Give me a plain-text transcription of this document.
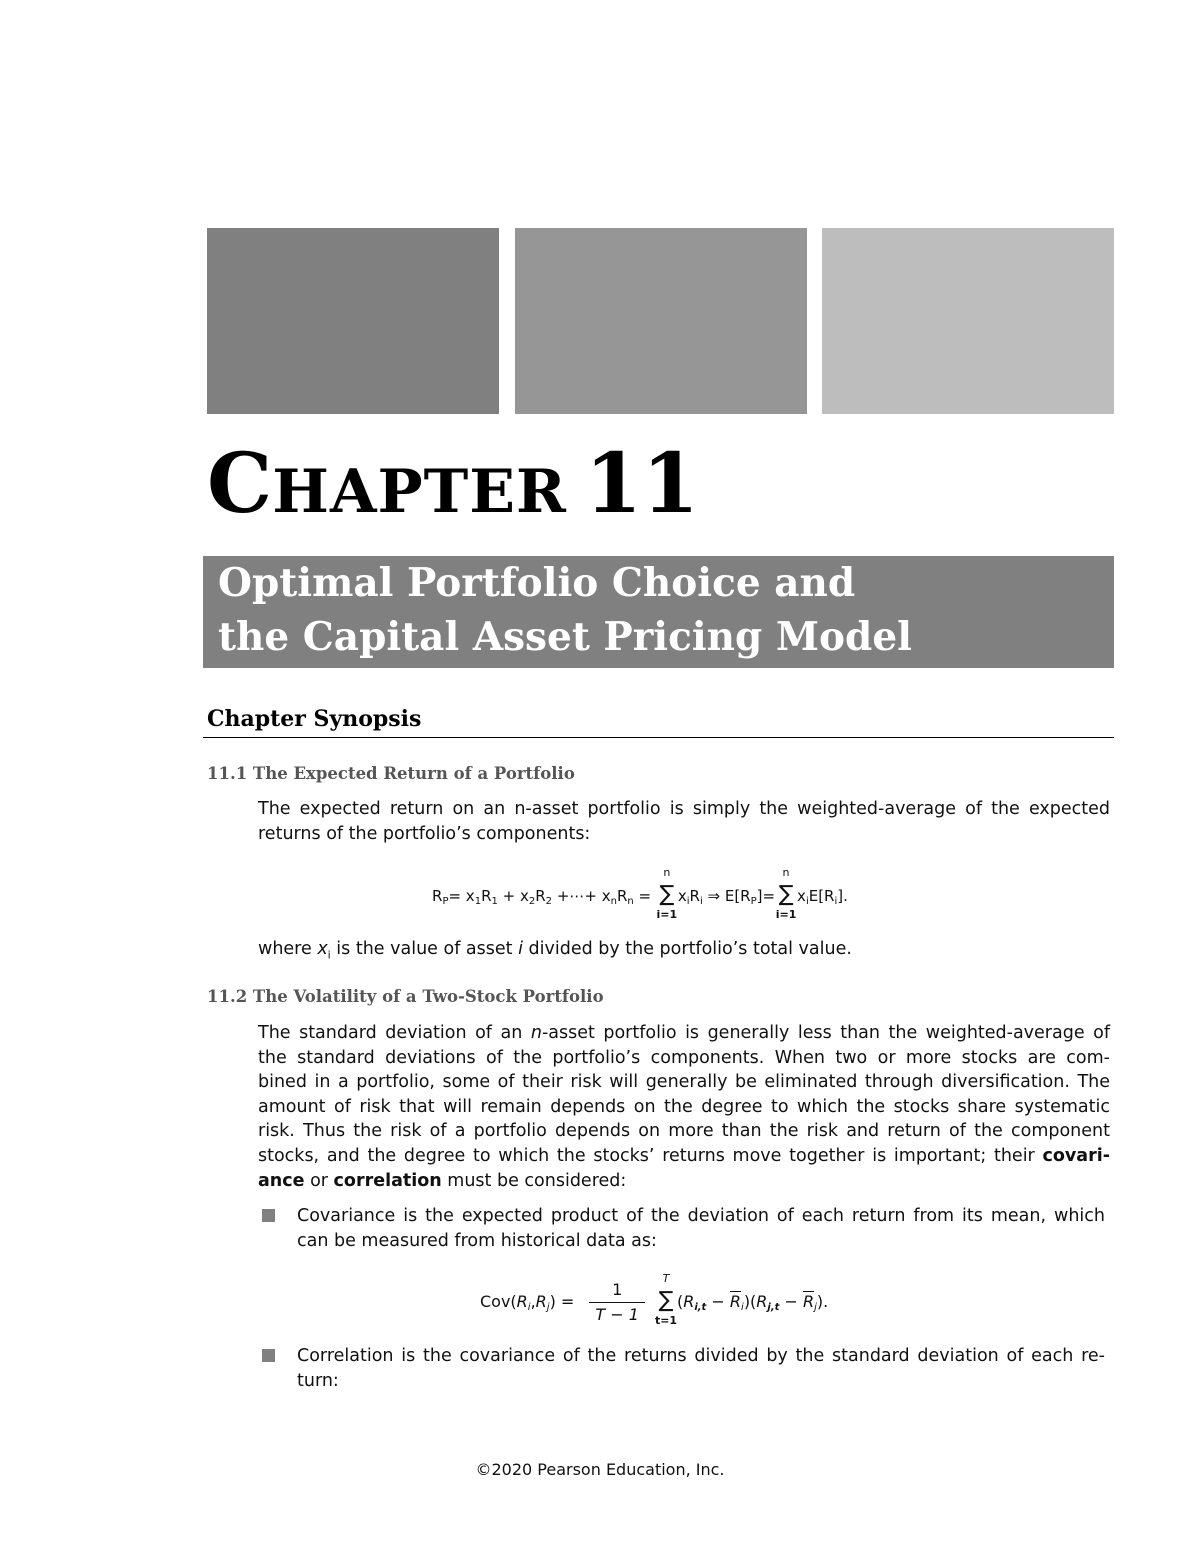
CHAPTER 11
Optimal Portfolio Choice and
the Capital Asset Pricing Model
Chapter Synopsis
11.1 The Expected Return of a Portfolio
The expected return on an n-asset portfolio is simply the weighted-average of the expected
returns of the portfolio’s components:
$R_P= x_1R_1 + x_2R_2$ +⋯+ $x_nR_n$ =
n
∑
i=1
$x_iR_i$ ⇒ $E[R_P]=$
n
∑
i=1
$x_iE[R_i]$.
where $x_i$ is the value of asset i divided by the portfolio’s total value.
11.2 The Volatility of a Two-Stock Portfolio
The standard deviation of an n-asset portfolio is generally less than the weighted-average of
the standard deviations of the portfolio’s components. When two or more stocks are com-
bined in a portfolio, some of their risk will generally be eliminated through diversification. The
amount of risk that will remain depends on the degree to which the stocks share systematic
risk. Thus the risk of a portfolio depends on more than the risk and return of the component
stocks, and the degree to which the stocks’ returns move together is important; their covari-
ance or correlation must be considered:
Covariance is the expected product of the deviation of each return from its mean, which
can be measured from historical data as:
$Cov(R_i,R_j) = \frac{1}{T - 1}$	T
∑
t=1
$(R_{i,t} - \overline{R}_i)(R_{j,t} - \overline{R}_j)$.
Correlation is the covariance of the returns divided by the standard deviation of each re-
turn:
©2020 Pearson Education, Inc.
